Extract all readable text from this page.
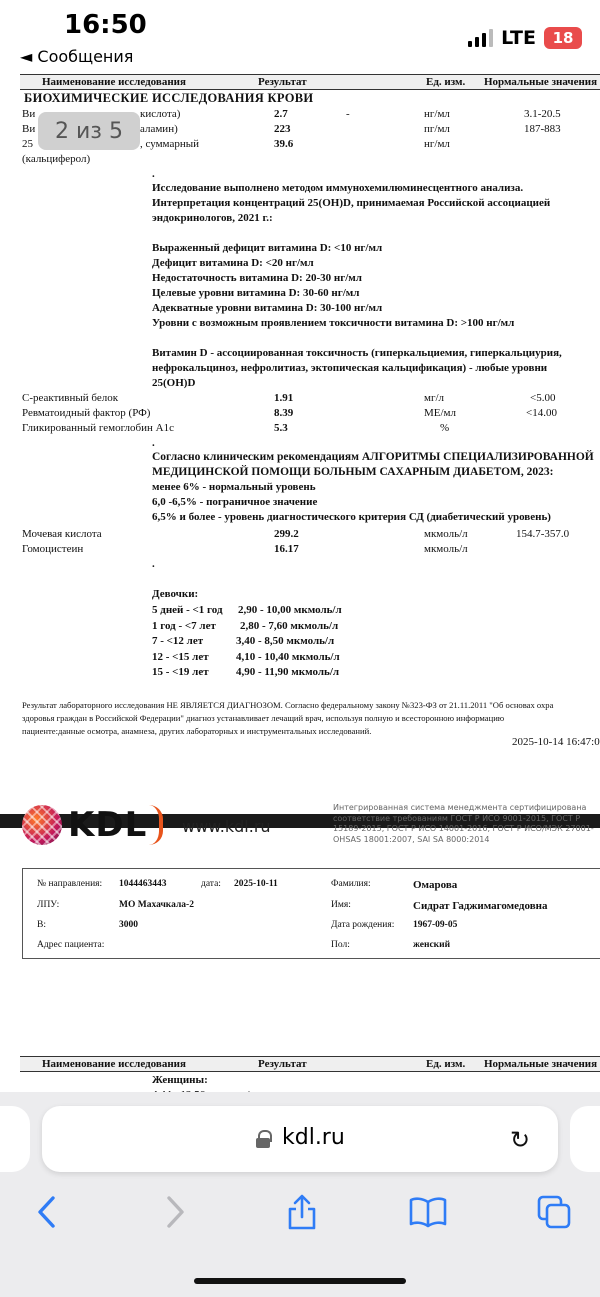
16:50
◄ Сообщения
LTE	18
Наименование исследования	Результат	Ед. изм. Нормальные значения
БИОХИМИЧЕСКИЕ ИССЛЕДОВАНИЯ КРОВИ
Ви	кислота)	2.7	-	нг/мл	3.1-20.5
Ви	аламин)	223	пг/мл	187-883
25	, суммарный	39.6	нг/мл
(кальциферол)
2 из 5
.
Исследование выполнено методом иммунохемилюминесцентного анализа.
Интерпретация концентраций 25(OH)D, принимаемая Российской ассоциацией
эндокринологов, 2021 г.:

Выраженный дефицит витамина D: <10 нг/мл
Дефицит витамина D: <20 нг/мл
Недостаточность витамина D: 20-30 нг/мл
Целевые уровни витамина D: 30-60 нг/мл
Адекватные уровни витамина D: 30-100 нг/мл
Уровни с возможным проявлением токсичности витамина D: >100 нг/мл

Витамин D - ассоциированная токсичность (гиперкальциемия, гиперкальциурия,
нефрокальциноз, нефролитиаз, эктопическая кальцификация) - любые уровни
25(OH)D
С-реактивный белок	1.91	мг/л	<5.00
Ревматоидный фактор (РФ)	8.39	МЕ/мл	<14.00
Гликированный гемоглобин А1с	5.3	%
.
Согласно клиническим рекомендациям АЛГОРИТМЫ СПЕЦИАЛИЗИРОВАННОЙ
МЕДИЦИНСКОЙ ПОМОЩИ БОЛЬНЫМ САХАРНЫМ ДИАБЕТОМ, 2023:
менее 6% - нормальный уровень
6,0 -6,5% - пограничное значение
6,5% и более - уровень диагностического критерия СД (диабетический уровень)
Мочевая кислота	299.2	мкмоль/л	154.7-357.0
Гомоцистеин	16.17	мкмоль/л
.
Девочки:
5 дней - <1 год 2,90 - 10,00 мкмоль/л
1 год - <7 лет 2,80 - 7,60 мкмоль/л
7 - <12 лет	3,40 - 8,50 мкмоль/л
12 - <15 лет 4,10 - 10,40 мкмоль/л
15 - <19 лет 4,90 - 11,90 мкмоль/л
Результат лабораторного исследования НЕ ЯВЛЯЕТСЯ ДИАГНОЗОМ. Согласно федеральному закону №323-ФЗ от 21.11.2011 "Об основах охра
здоровья граждан в Российской Федерации" диагноз устанавливает лечащий врач, используя полную и всесторонною информацию
пациенте:данные осмотра, анамнеза, других лабораторных и инструментальных исследований.
2025-10-14 16:47:0
KDL www.kdl.ru
Интегрированная система менеджмента сертифицирована
соответствие требованиям ГОСТ Р ИСО 9001-2015, ГОСТ Р
15189-2015, ГОСТ Р ИСО 14001-2016, ГОСТ Р ИСО/МЭК 27001-
OHSAS 18001:2007, SAI SA 8000:2014
№ направления: 1044463443	дата: 2025-10-11	Фамилия:	Омарова
ЛПУ:	МО Махачкала-2	Имя:	Сидрат Гаджимагомедовна
В:	3000	Дата рождения: 1967-09-05
Адрес пациента:	Пол:	женский
Наименование исследования	Результат	Ед. изм. Нормальные значения
Женщины:
kdl.ru	↻
